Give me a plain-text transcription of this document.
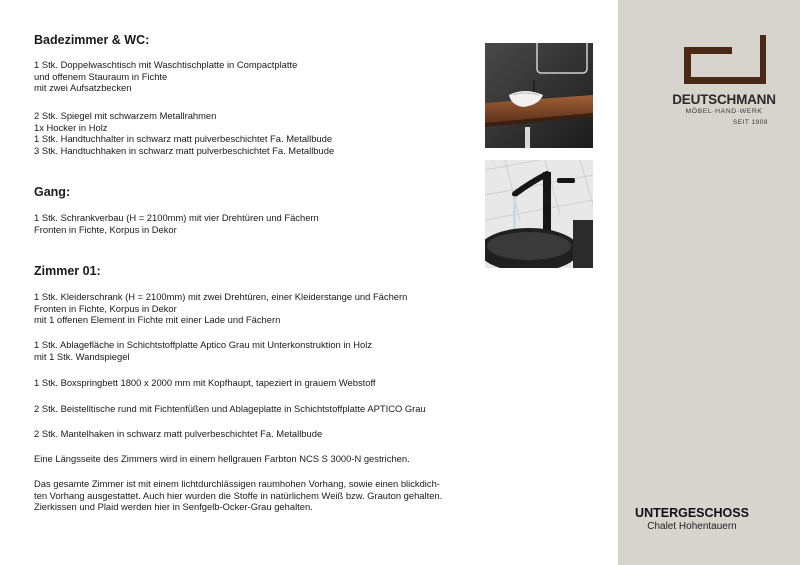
Badezimmer & WC:

1 Stk. Doppelwaschtisch mit Waschtischplatte in Compactplatte
und offenem Stauraum in Fichte
mit zwei Aufsatzbecken

2 Stk. Spiegel mit schwarzem Metallrahmen
1x Hocker in Holz
1 Stk. Handtuchhalter in schwarz matt pulverbeschichtet Fa. Metallbude
3 Stk. Handtuchhaken in schwarz matt pulverbeschichtet Fa. Metallbude

Gang:

1 Stk. Schrankverbau (H = 2100mm) mit vier Drehtüren und Fächern
Fronten in Fichte, Korpus in Dekor

Zimmer 01:

1 Stk. Kleiderschrank (H = 2100mm) mit zwei Drehtüren, einer Kleiderstange und Fächern
Fronten in Fichte, Korpus in Dekor
mit 1 offenen Element in Fichte mit einer Lade und Fächern

1 Stk. Ablagefläche in Schichtstoffplatte Aptico Grau mit Unterkonstruktion in Holz
mit 1 Stk. Wandspiegel

1 Stk. Boxspringbett 1800 x 2000 mm mit Kopfhaupt, tapeziert in grauem Webstoff

2 Stk. Beistelltische rund mit Fichtenfüßen und Ablageplatte in Schichtstoffplatte APTICO Grau

2 Stk. Mantelhaken in schwarz matt pulverbeschichtet Fa. Metallbude

Eine Längsseite des Zimmers wird in einem hellgrauen Farbton NCS S 3000-N gestrichen.

Das gesamte Zimmer ist mit einem lichtdurchlässigen raumhohen Vorhang, sowie einen blickdich-
ten Vorhang ausgestattet. Auch hier wurden die Stoffe in natürlichem Weiß bzw. Grauton gehalten.
Zierkissen und Plaid werden hier in Senfgelb-Ocker-Grau gehalten.

DEUTSCHMANN

MÖBEL·HAND·WERK

SEIT 1908

UNTERGESCHOSS

Chalet Hohentauern
